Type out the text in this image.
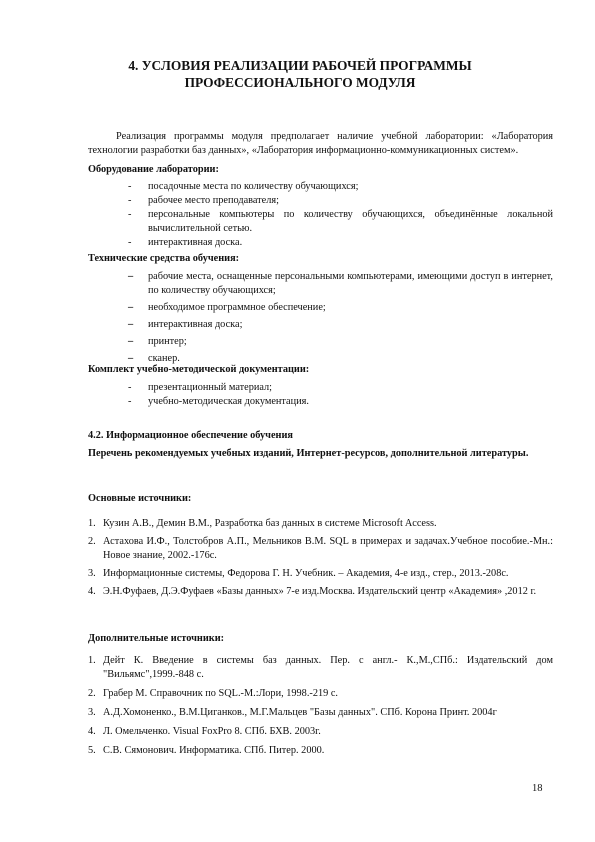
4. УСЛОВИЯ РЕАЛИЗАЦИИ РАБОЧЕЙ ПРОГРАММЫ
ПРОФЕССИОНАЛЬНОГО МОДУЛЯ
Реализация программы модуля предполагает наличие учебной лаборатории: «Лаборатория технологии разработки баз данных», «Лаборатория информационно-коммуникационных систем».
Оборудование лаборатории:
- посадочные места по количеству обучающихся;
- рабочее место преподавателя;
- персональные компьютеры по количеству обучающихся, объединённые локальной вычислительной сетью.
- интерактивная доска.
Технические средства обучения:
– рабочие места, оснащенные персональными компьютерами, имеющими доступ в интернет, по количеству обучающихся;
– необходимое программное обеспечение;
– интерактивная доска;
– принтер;
– сканер.
Комплект учебно-методической документации:
- презентационный материал;
- учебно-методическая документация.
4.2. Информационное обеспечение обучения
Перечень рекомендуемых учебных изданий, Интернет-ресурсов, дополнительной литературы.
Основные источники:
1. Кузин А.В., Демин В.М., Разработка баз данных в системе Microsoft Access.
2. Астахова И.Ф., Толстобров А.П., Мельников В.М. SQL в примерах и задачах.Учебное пособие.-Мн.: Новое знание, 2002.-176с.
3. Информационные системы, Федорова Г. Н. Учебник. – Академия, 4-е изд., стер., 2013.-208с.
4. Э.Н.Фуфаев, Д.Э.Фуфаев «Базы данных» 7-е изд.Москва. Издательский центр «Академия» ,2012 г.
Дополнительные источники:
1. Дейт К. Введение в системы баз данных. Пер. с англ.- К.,М.,СПб.: Издательский дом "Вильямс",1999.-848 с.
2. Грабер М. Справочник по SQL.-М.:Лори, 1998.-219 с.
3. А.Д.Хомоненко., В.М.Циганков., М.Г.Мальцев "Базы данных". СПб. Корона Принт. 2004г
4. Л. Омельченко. Visual FoxPro 8. СПб. БХВ. 2003г.
5. С.В. Сямонович. Информатика. СПб. Питер. 2000.
18
